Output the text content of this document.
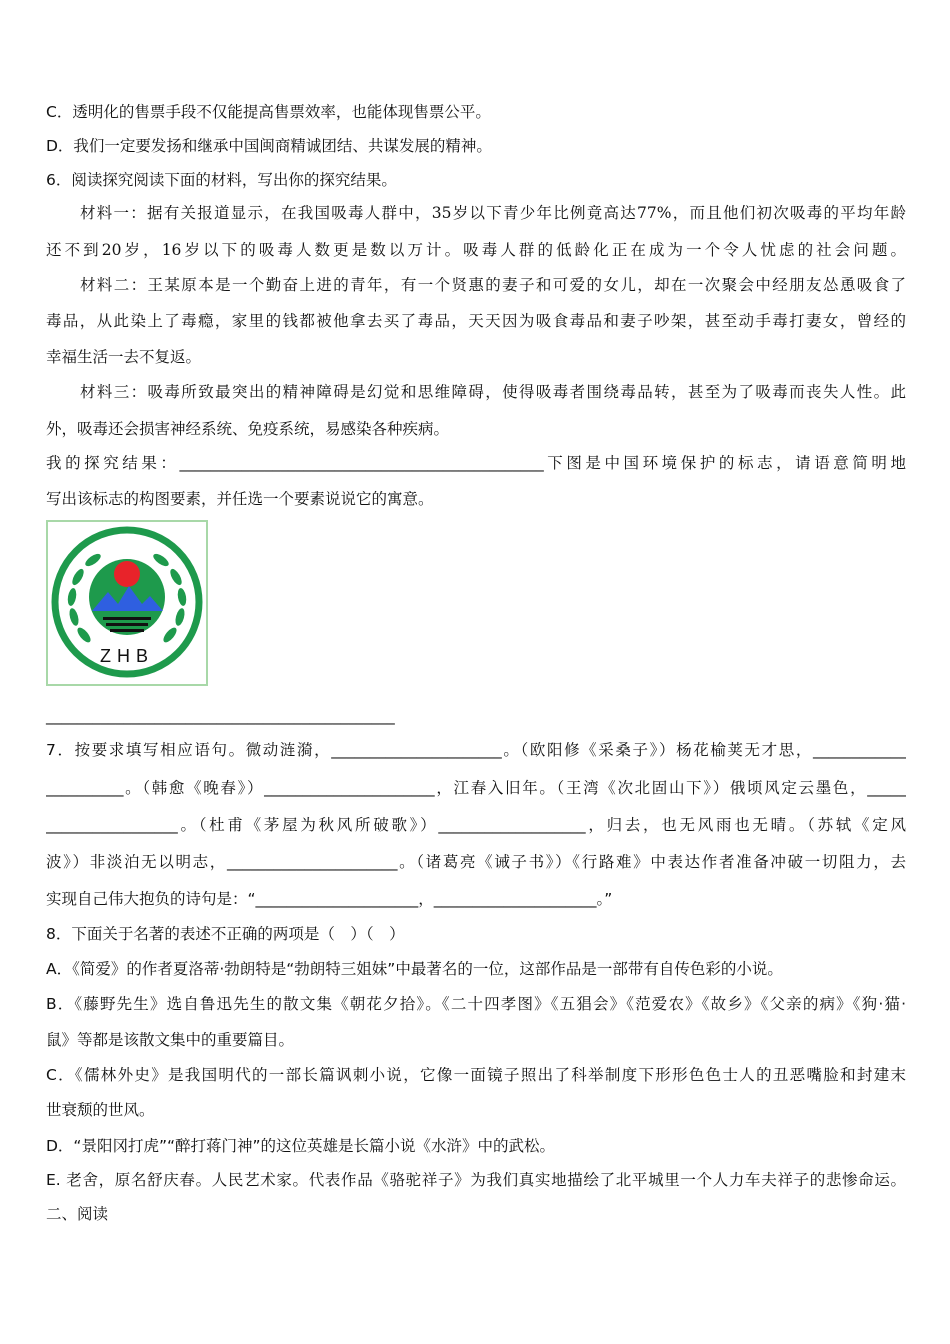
C．透明化的售票手段不仅能提高售票效率，也能体现售票公平。
D．我们一定要发扬和继承中国闽商精诚团结、共谋发展的精神。
6．阅读探究阅读下面的材料，写出你的探究结果。
材料一：据有关报道显示，在我国吸毒人群中，35岁以下青少年比例竟高达77%，而且他们初次吸毒的平均年龄
还不到20岁，16岁以下的吸毒人数更是数以万计。吸毒人群的低龄化正在成为一个令人忧虑的社会问题。
材料二：王某原本是一个勤奋上进的青年，有一个贤惠的妻子和可爱的女儿，却在一次聚会中经朋友怂恿吸食了
毒品，从此染上了毒瘾，家里的钱都被他拿去买了毒品，天天因为吸食毒品和妻子吵架，甚至动手毒打妻女，曾经的
幸福生活一去不复返。
材料三：吸毒所致最突出的精神障碍是幻觉和思维障碍，使得吸毒者围绕毒品转，甚至为了吸毒而丧失人性。此
外，吸毒还会损害神经系统、免疫系统，易感染各种疾病。
我的探究结果：_______________________________________________下图是中国环境保护的标志，请语意简明地
写出该标志的构图要素，并任选一个要素说说它的寓意。
ZHB
_____________________________________________
7．按要求填写相应语句。微动涟漪，______________________。（欧阳修《采桑子》）杨花榆荚无才思，____________
__________。（韩愈《晚春》）______________________，江春入旧年。（王湾《次北固山下》）俄顷风定云墨色，_____
_________________。（杜甫《茅屋为秋风所破歌》）___________________，归去，也无风雨也无晴。（苏轼《定风
波》）非淡泊无以明志，______________________。（诸葛亮《诫子书》）《行路难》中表达作者准备冲破一切阻力，去
实现自己伟大抱负的诗句是：“_____________________，_____________________。”
8．下面关于名著的表述不正确的两项是（　）（　）
A．《简爱》的作者夏洛蒂·勃朗特是“勃朗特三姐妹”中最著名的一位，这部作品是一部带有自传色彩的小说。
B．《藤野先生》选自鲁迅先生的散文集《朝花夕拾》。《二十四孝图》《五猖会》《范爱农》《故乡》《父亲的病》《狗·猫·
鼠》等都是该散文集中的重要篇目。
C．《儒林外史》是我国明代的一部长篇讽刺小说，它像一面镜子照出了科举制度下形形色色士人的丑恶嘴脸和封建末
世衰颓的世风。
D．“景阳冈打虎”“醉打蒋门神”的这位英雄是长篇小说《水浒》中的武松。
E. 老舍，原名舒庆春。人民艺术家。代表作品《骆驼祥子》为我们真实地描绘了北平城里一个人力车夫祥子的悲惨命运。
二、阅读
